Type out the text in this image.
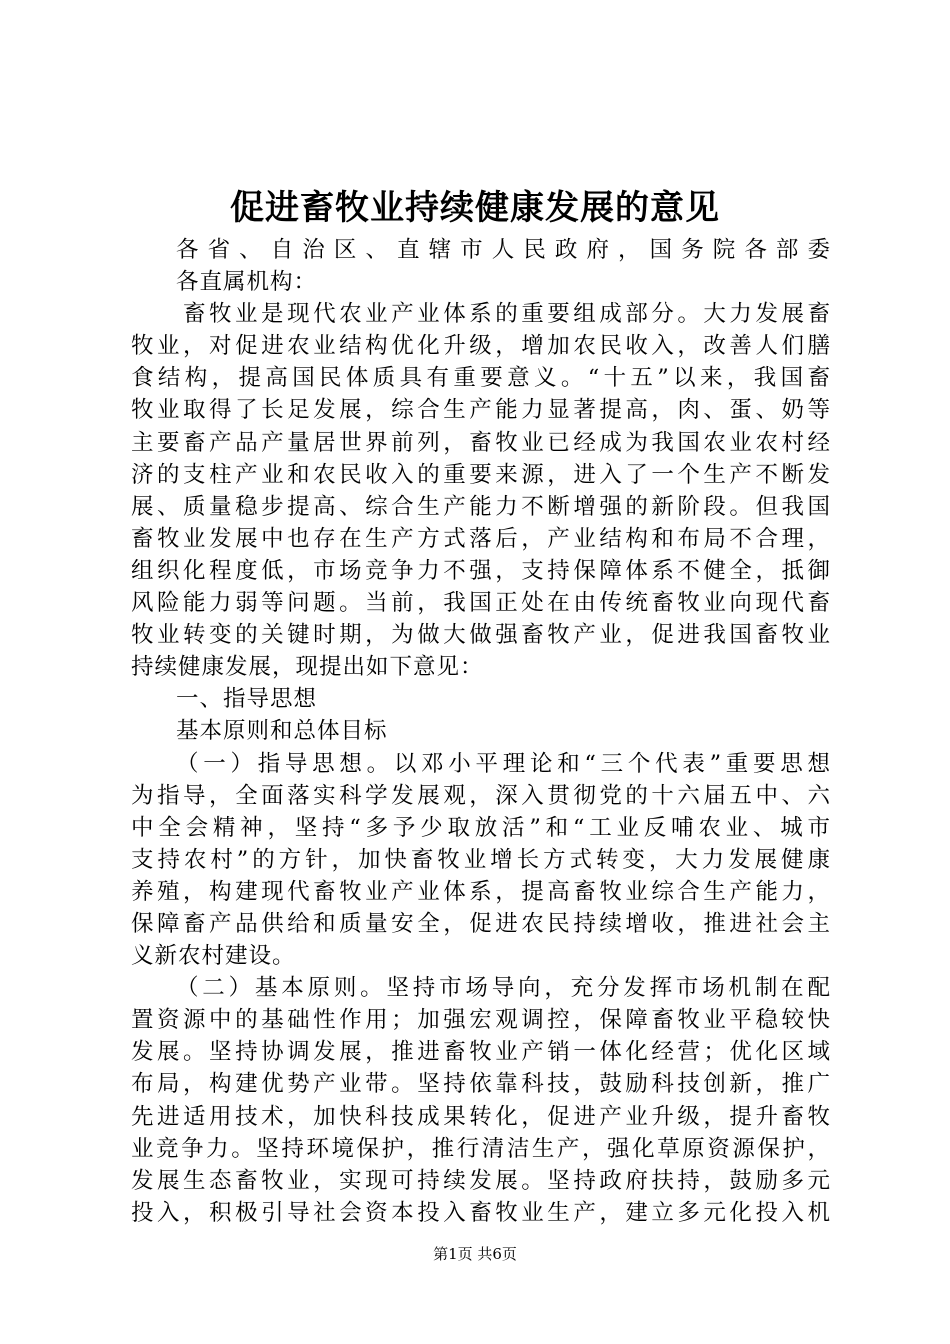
促进畜牧业持续健康发展的意见
各省、自治区、直辖市人民政府，国务院各部委
各直属机构：
畜牧业是现代农业产业体系的重要组成部分。大力发展畜
牧业，对促进农业结构优化升级，增加农民收入，改善人们膳
食结构，提高国民体质具有重要意义。“十五”以来，我国畜
牧业取得了长足发展，综合生产能力显著提高，肉、蛋、奶等
主要畜产品产量居世界前列，畜牧业已经成为我国农业农村经
济的支柱产业和农民收入的重要来源，进入了一个生产不断发
展、质量稳步提高、综合生产能力不断增强的新阶段。但我国
畜牧业发展中也存在生产方式落后，产业结构和布局不合理，
组织化程度低，市场竞争力不强，支持保障体系不健全，抵御
风险能力弱等问题。当前，我国正处在由传统畜牧业向现代畜
牧业转变的关键时期，为做大做强畜牧产业，促进我国畜牧业
持续健康发展，现提出如下意见：
一、指导思想
基本原则和总体目标
（一）指导思想。以邓小平理论和“三个代表”重要思想
为指导，全面落实科学发展观，深入贯彻党的十六届五中、六
中全会精神，坚持“多予少取放活”和“工业反哺农业、城市
支持农村”的方针，加快畜牧业增长方式转变，大力发展健康
养殖，构建现代畜牧业产业体系，提高畜牧业综合生产能力，
保障畜产品供给和质量安全，促进农民持续增收，推进社会主
义新农村建设。
（二）基本原则。坚持市场导向，充分发挥市场机制在配
置资源中的基础性作用；加强宏观调控，保障畜牧业平稳较快
发展。坚持协调发展，推进畜牧业产销一体化经营；优化区域
布局，构建优势产业带。坚持依靠科技，鼓励科技创新，推广
先进适用技术，加快科技成果转化，促进产业升级，提升畜牧
业竞争力。坚持环境保护，推行清洁生产，强化草原资源保护，
发展生态畜牧业，实现可持续发展。坚持政府扶持，鼓励多元
投入，积极引导社会资本投入畜牧业生产，建立多元化投入机
第1页 共6页
